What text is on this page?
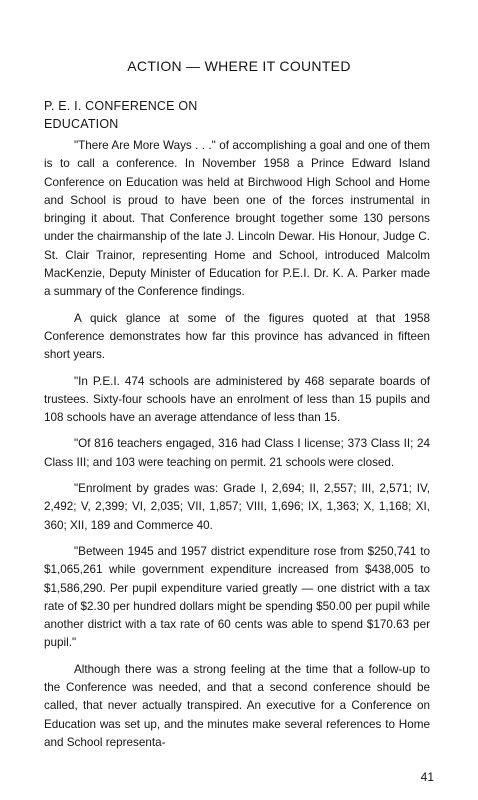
ACTION — WHERE IT COUNTED
P. E. I. CONFERENCE ON
EDUCATION

"There Are More Ways . . ." of accomplishing a goal and one of them is to call a conference. In November 1958 a Prince Edward Island Conference on Education was held at Birchwood High School and Home and School is proud to have been one of the forces instrumental in bringing it about. That Conference brought together some 130 persons under the chairmanship of the late J. Lincoln Dewar. His Honour, Judge C. St. Clair Trainor, representing Home and School, introduced Malcolm MacKenzie, Deputy Minister of Education for P.E.I. Dr. K. A. Parker made a summary of the Conference findings.

A quick glance at some of the figures quoted at that 1958 Conference demonstrates how far this province has advanced in fifteen short years.

"In P.E.I. 474 schools are administered by 468 separate boards of trustees. Sixty-four schools have an enrolment of less than 15 pupils and 108 schools have an average attendance of less than 15.

"Of 816 teachers engaged, 316 had Class I license; 373 Class II; 24 Class III; and 103 were teaching on permit. 21 schools were closed.

"Enrolment by grades was: Grade I, 2,694; II, 2,557; III, 2,571; IV, 2,492; V, 2,399; VI, 2,035; VII, 1,857; VIII, 1,696; IX, 1,363; X, 1,168; XI, 360; XII, 189 and Commerce 40.

"Between 1945 and 1957 district expenditure rose from $250,741 to $1,065,261 while government expenditure increased from $438,005 to $1,586,290. Per pupil expenditure varied greatly — one district with a tax rate of $2.30 per hundred dollars might be spending $50.00 per pupil while another district with a tax rate of 60 cents was able to spend $170.63 per pupil."

Although there was a strong feeling at the time that a follow-up to the Conference was needed, and that a second conference should be called, that never actually transpired. An executive for a Conference on Education was set up, and the minutes make several references to Home and School representa-

41
